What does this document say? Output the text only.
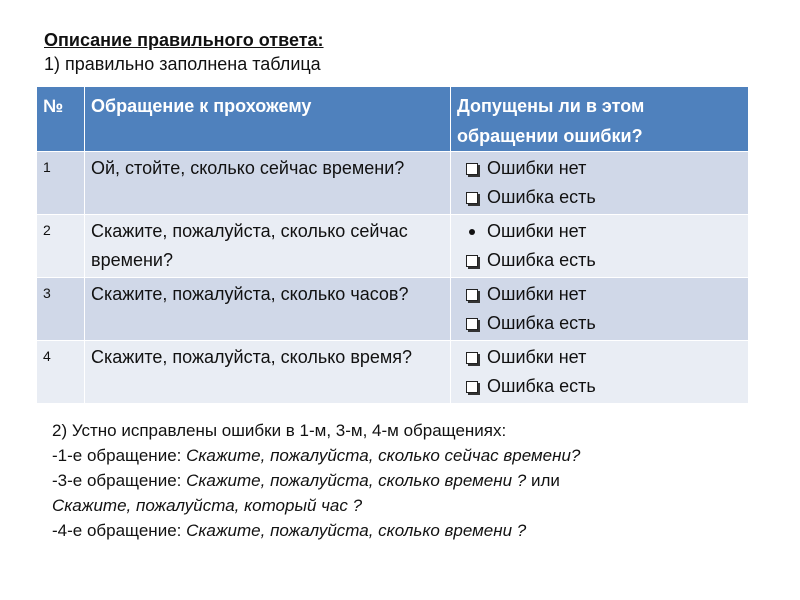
Описание правильного ответа:
1) правильно заполнена таблица
№	Обращение к прохожему	Допущены ли в этом обращении ошибки?
1	Ой, стойте, сколько сейчас времени?	Ошибки нет
Ошибка есть

2	Скажите, пожалуйста, сколько сейчас времени?	Ошибки нет
Ошибка есть

3	Скажите, пожалуйста, сколько часов?	Ошибки нет
Ошибка есть

4	Скажите, пожалуйста, сколько время?	Ошибки нет
Ошибка есть
2) Устно исправлены ошибки в 1-м, 3-м, 4-м обращениях:
-1-е обращение: Скажите, пожалуйста, сколько сейчас времени?
-3-е обращение: Скажите, пожалуйста, сколько времени ? или
Скажите, пожалуйста, который час ?
-4-е обращение: Скажите, пожалуйста, сколько времени ?
